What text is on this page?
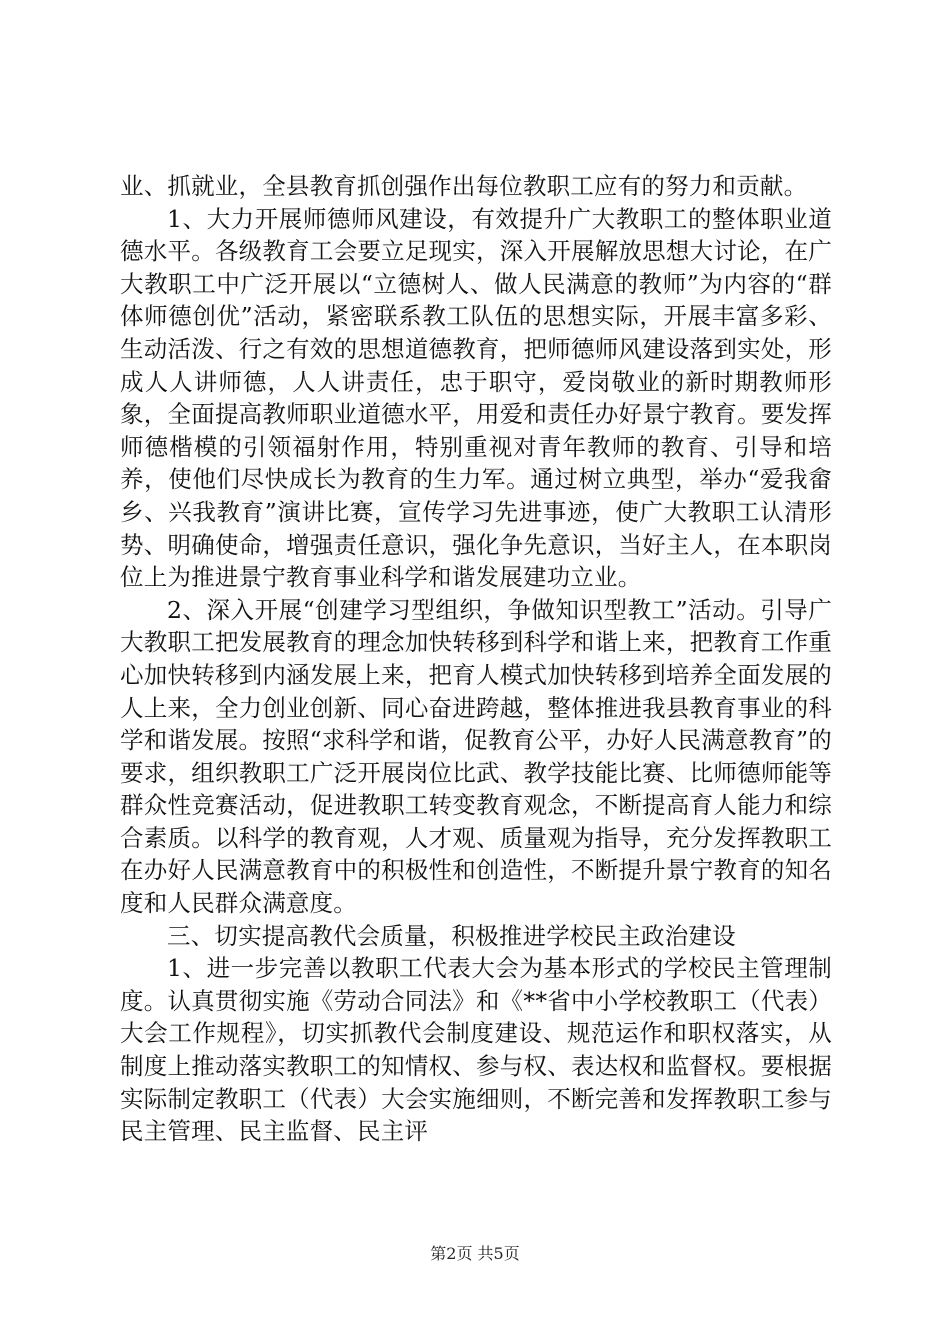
业、抓就业，全县教育抓创强作出每位教职工应有的努力和贡献。

1、大力开展师德师风建设，有效提升广大教职工的整体职业道德水平。各级教育工会要立足现实，深入开展解放思想大讨论，在广大教职工中广泛开展以“立德树人、做人民满意的教师”为内容的“群体师德创优”活动，紧密联系教工队伍的思想实际，开展丰富多彩、生动活泼、行之有效的思想道德教育，把师德师风建设落到实处，形成人人讲师德，人人讲责任，忠于职守，爱岗敬业的新时期教师形象，全面提高教师职业道德水平，用爱和责任办好景宁教育。要发挥师德楷模的引领福射作用，特别重视对青年教师的教育、引导和培养，使他们尽快成长为教育的生力军。通过树立典型，举办“爱我畲乡、兴我教育”演讲比赛，宣传学习先进事迹，使广大教职工认清形势、明确使命，增强责任意识，强化争先意识，当好主人，在本职岗位上为推进景宁教育事业科学和谐发展建功立业。

2、深入开展“创建学习型组织，争做知识型教工”活动。引导广大教职工把发展教育的理念加快转移到科学和谐上来，把教育工作重心加快转移到内涵发展上来，把育人模式加快转移到培养全面发展的人上来，全力创业创新、同心奋进跨越，整体推进我县教育事业的科学和谐发展。按照“求科学和谐，促教育公平，办好人民满意教育”的要求，组织教职工广泛开展岗位比武、教学技能比赛、比师德师能等群众性竞赛活动，促进教职工转变教育观念，不断提高育人能力和综合素质。以科学的教育观，人才观、质量观为指导，充分发挥教职工在办好人民满意教育中的积极性和创造性，不断提升景宁教育的知名度和人民群众满意度。

三、切实提高教代会质量，积极推进学校民主政治建设

1、进一步完善以教职工代表大会为基本形式的学校民主管理制度。认真贯彻实施《劳动合同法》和《**省中小学校教职工（代表）大会工作规程》，切实抓教代会制度建设、规范运作和职权落实，从制度上推动落实教职工的知情权、参与权、表达权和监督权。要根据实际制定教职工（代表）大会实施细则，不断完善和发挥教职工参与民主管理、民主监督、民主评

第2页 共5页
